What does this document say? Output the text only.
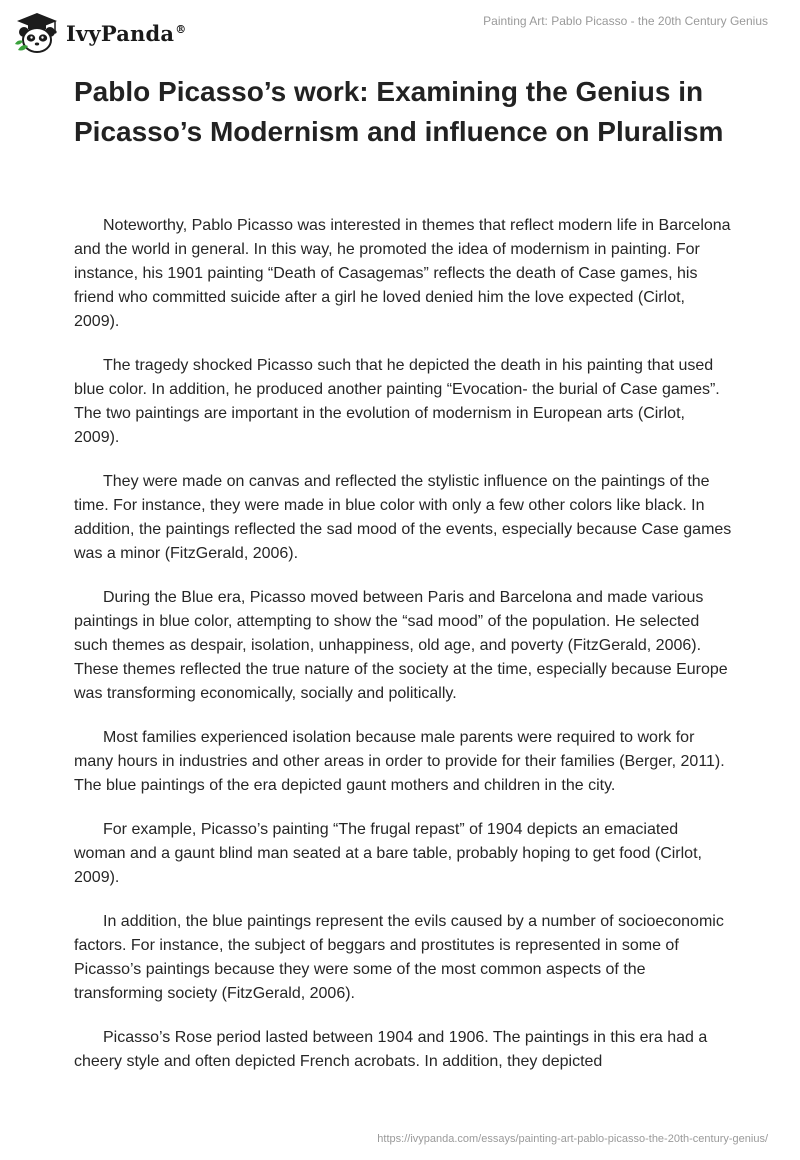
IvyPanda®
Painting Art: Pablo Picasso - the 20th Century Genius
Pablo Picasso’s work: Examining the Genius in Picasso’s Modernism and influence on Pluralism

Noteworthy, Pablo Picasso was interested in themes that reflect modern life in Barcelona and the world in general. In this way, he promoted the idea of modernism in painting. For instance, his 1901 painting “Death of Casagemas” reflects the death of Case games, his friend who committed suicide after a girl he loved denied him the love expected (Cirlot, 2009).

The tragedy shocked Picasso such that he depicted the death in his painting that used blue color. In addition, he produced another painting “Evocation- the burial of Case games”. The two paintings are important in the evolution of modernism in European arts (Cirlot, 2009).

They were made on canvas and reflected the stylistic influence on the paintings of the time. For instance, they were made in blue color with only a few other colors like black. In addition, the paintings reflected the sad mood of the events, especially because Case games was a minor (FitzGerald, 2006).

During the Blue era, Picasso moved between Paris and Barcelona and made various paintings in blue color, attempting to show the “sad mood” of the population. He selected such themes as despair, isolation, unhappiness, old age, and poverty (FitzGerald, 2006). These themes reflected the true nature of the society at the time, especially because Europe was transforming economically, socially and politically.

Most families experienced isolation because male parents were required to work for many hours in industries and other areas in order to provide for their families (Berger, 2011). The blue paintings of the era depicted gaunt mothers and children in the city.

For example, Picasso’s painting “The frugal repast” of 1904 depicts an emaciated woman and a gaunt blind man seated at a bare table, probably hoping to get food (Cirlot, 2009).

In addition, the blue paintings represent the evils caused by a number of socioeconomic factors. For instance, the subject of beggars and prostitutes is represented in some of Picasso’s paintings because they were some of the most common aspects of the transforming society (FitzGerald, 2006).

Picasso’s Rose period lasted between 1904 and 1906. The paintings in this era had a cheery style and often depicted French acrobats. In addition, they depicted

https://ivypanda.com/essays/painting-art-pablo-picasso-the-20th-century-genius/
